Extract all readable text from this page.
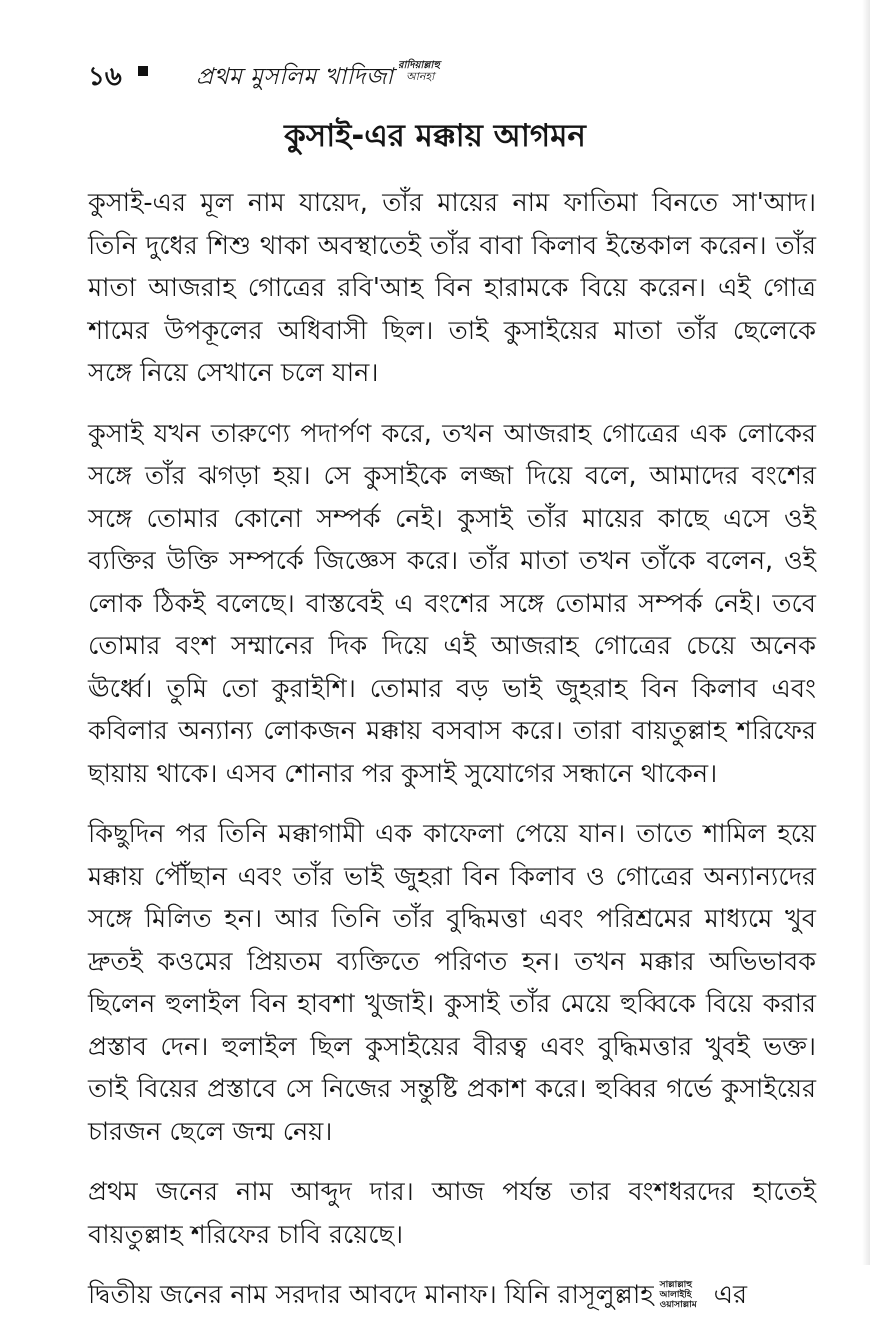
১৬	প্রথম মুসলিম খাদিজা রাদিয়াল্লাহু
আনহা
কুসাই-এর মক্কায় আগমন

কুসাই-এর মূল নাম যায়েদ, তাঁর মায়ের নাম ফাতিমা বিনতে সা'আদ।
তিনি দুধের শিশু থাকা অবস্থাতেই তাঁর বাবা কিলাব ইন্তেকাল করেন। তাঁর
মাতা আজরাহ গোত্রের রবি'আহ বিন হারামকে বিয়ে করেন। এই গোত্র
শামের উপকূলের অধিবাসী ছিল। তাই কুসাইয়ের মাতা তাঁর ছেলেকে
সঙ্গে নিয়ে সেখানে চলে যান।

কুসাই যখন তারুণ্যে পদার্পণ করে, তখন আজরাহ গোত্রের এক লোকের
সঙ্গে তাঁর ঝগড়া হয়। সে কুসাইকে লজ্জা দিয়ে বলে, আমাদের বংশের
সঙ্গে তোমার কোনো সম্পর্ক নেই। কুসাই তাঁর মায়ের কাছে এসে ওই
ব্যক্তির উক্তি সম্পর্কে জিজ্ঞেস করে। তাঁর মাতা তখন তাঁকে বলেন, ওই
লোক ঠিকই বলেছে। বাস্তবেই এ বংশের সঙ্গে তোমার সম্পর্ক নেই। তবে
তোমার বংশ সম্মানের দিক দিয়ে এই আজরাহ গোত্রের চেয়ে অনেক
ঊর্ধ্বে। তুমি তো কুরাইশি। তোমার বড় ভাই জুহরাহ বিন কিলাব এবং
কবিলার অন্যান্য লোকজন মক্কায় বসবাস করে। তারা বায়তুল্লাহ শরিফের
ছায়ায় থাকে। এসব শোনার পর কুসাই সুযোগের সন্ধানে থাকেন।

কিছুদিন পর তিনি মক্কাগামী এক কাফেলা পেয়ে যান। তাতে শামিল হয়ে
মক্কায় পৌঁছান এবং তাঁর ভাই জুহরা বিন কিলাব ও গোত্রের অন্যান্যদের
সঙ্গে মিলিত হন। আর তিনি তাঁর বুদ্ধিমত্তা এবং পরিশ্রমের মাধ্যমে খুব
দ্রুতই কওমের প্রিয়তম ব্যক্তিতে পরিণত হন। তখন মক্কার অভিভাবক
ছিলেন হুলাইল বিন হাবশা খুজাই। কুসাই তাঁর মেয়ে হুব্বিকে বিয়ে করার
প্রস্তাব দেন। হুলাইল ছিল কুসাইয়ের বীরত্ব এবং বুদ্ধিমত্তার খুবই ভক্ত।
তাই বিয়ের প্রস্তাবে সে নিজের সন্তুষ্টি প্রকাশ করে। হুব্বির গর্ভে কুসাইয়ের
চারজন ছেলে জন্ম নেয়।

প্রথম জনের নাম আব্দুদ দার। আজ পর্যন্ত তার বংশধরদের হাতেই
বায়তুল্লাহ শরিফের চাবি রয়েছে।

দ্বিতীয় জনের নাম সরদার আবদে মানাফ। যিনি রাসূলুল্লাহ সাল্লাল্লাহু
আলাইহি
ওয়াসাল্লাম এর
